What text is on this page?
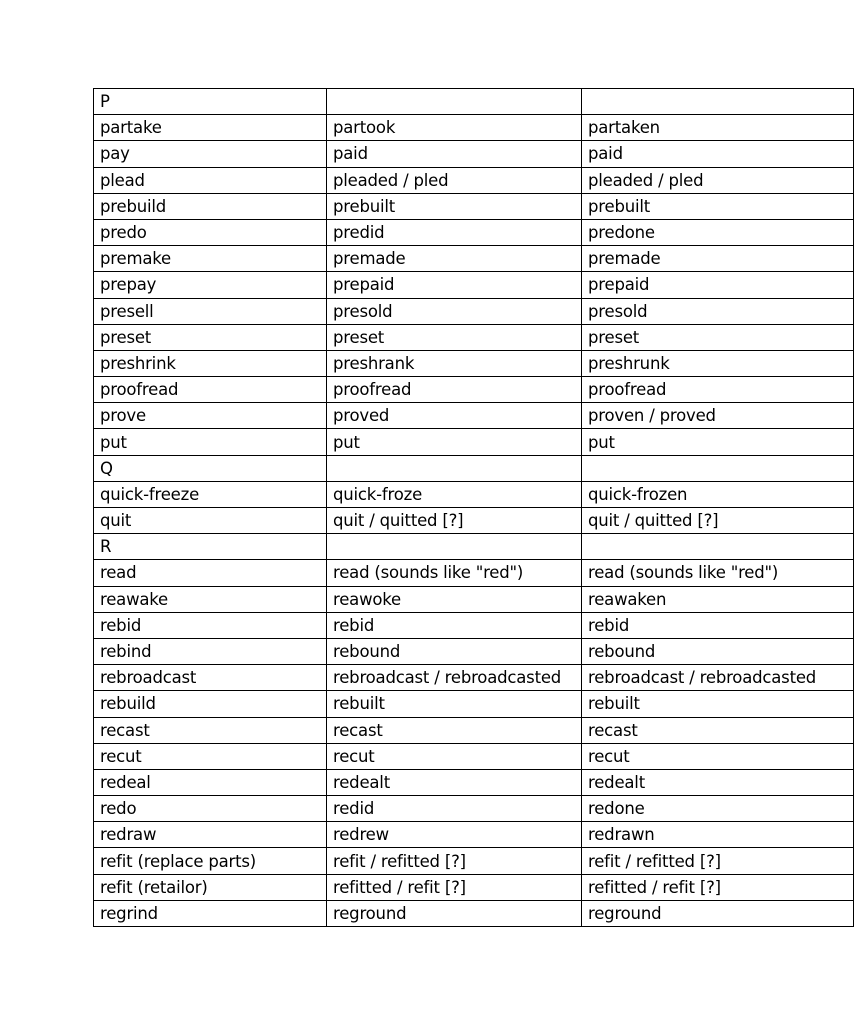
P		
partake	partook	partaken
pay	paid	paid
plead	pleaded / pled	pleaded / pled
prebuild	prebuilt	prebuilt
predo	predid	predone
premake	premade	premade
prepay	prepaid	prepaid
presell	presold	presold
preset	preset	preset
preshrink	preshrank	preshrunk
proofread	proofread	proofread
prove	proved	proven / proved
put	put	put
Q		
quick-freeze	quick-froze	quick-frozen
quit	quit / quitted [?]	quit / quitted [?]
R		
read	read (sounds like "red")	read (sounds like "red")
reawake	reawoke	reawaken
rebid	rebid	rebid
rebind	rebound	rebound
rebroadcast	rebroadcast / rebroadcasted	rebroadcast / rebroadcasted
rebuild	rebuilt	rebuilt
recast	recast	recast
recut	recut	recut
redeal	redealt	redealt
redo	redid	redone
redraw	redrew	redrawn
refit (replace parts)	refit / refitted [?]	refit / refitted [?]
refit (retailor)	refitted / refit [?]	refitted / refit [?]
regrind	reground	reground
